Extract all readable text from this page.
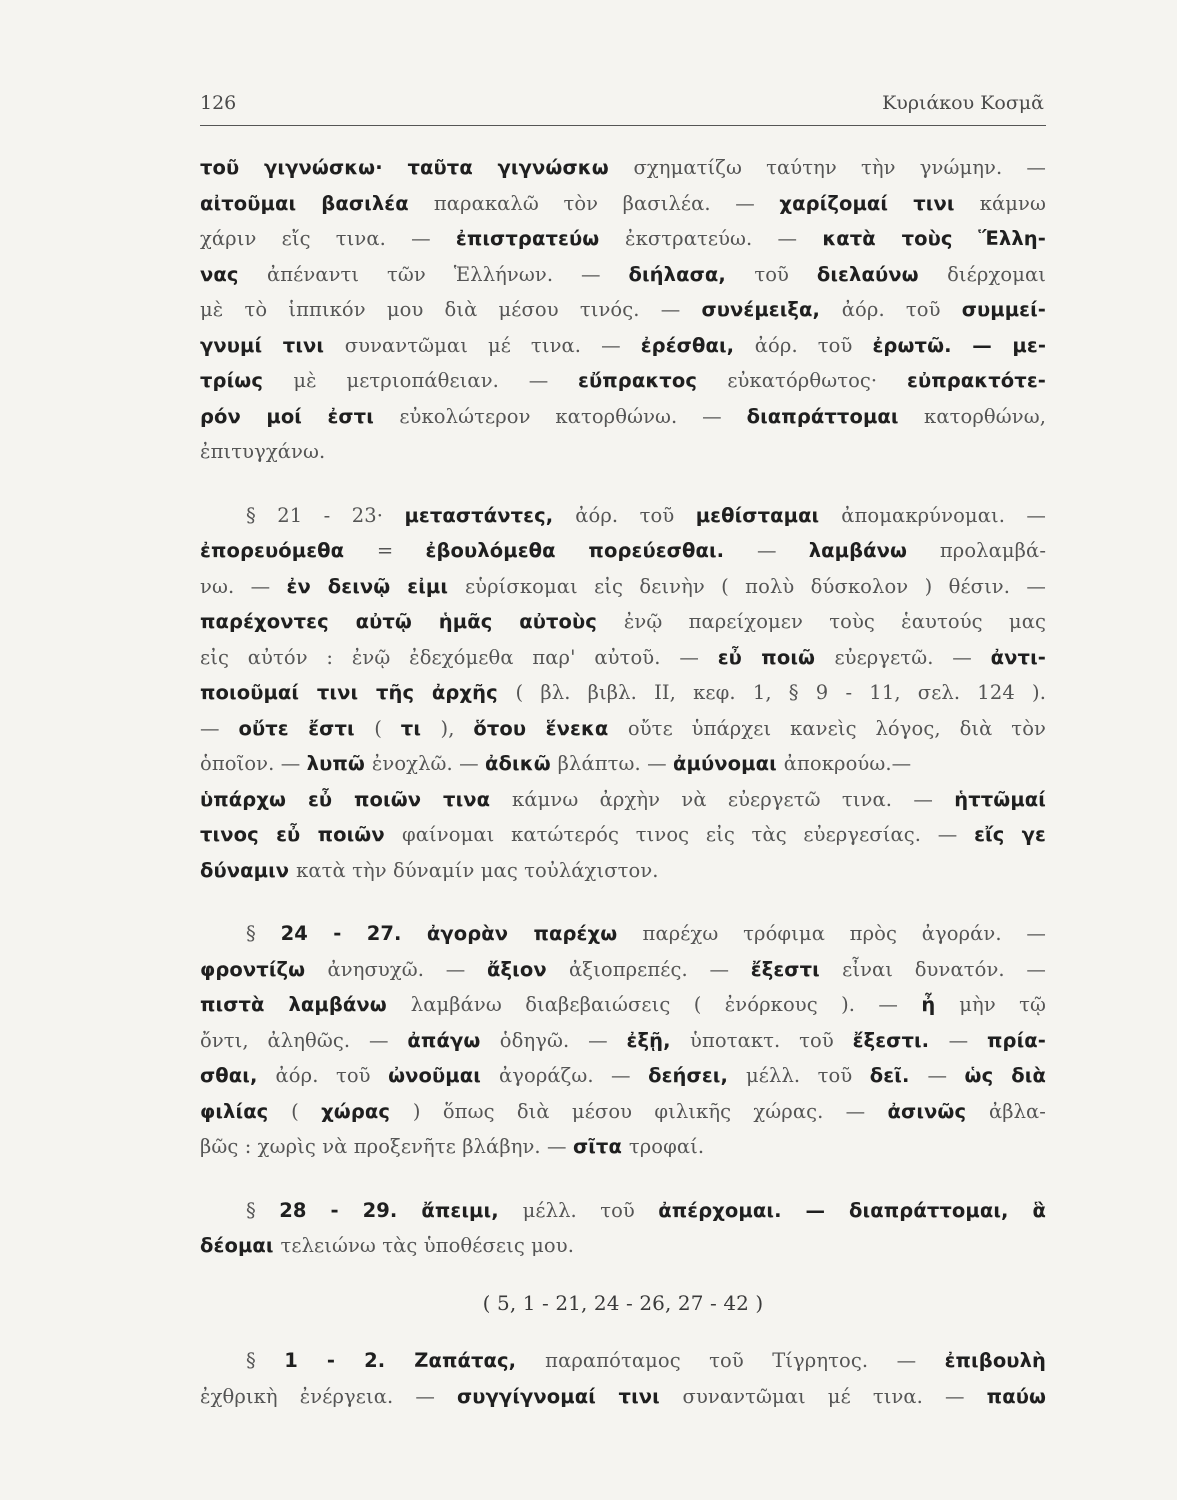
126	Κυριάκου Κοσμᾶ
τοῦ γιγνώσκω· ταῦτα γιγνώσκω σχηματίζω ταύτην τὴν γνώμην. —
αἰτοῦμαι βασιλέα παρακαλῶ τὸν βασιλέα. — χαρίζομαί τινι κάμνω
χάριν εἴς τινα. — ἐπιστρατεύω ἐκστρατεύω. — κατὰ τοὺς Ἕλλη-
νας ἀπέναντι τῶν Ἑλλήνων. — διήλασα, τοῦ διελαύνω διέρχομαι
μὲ τὸ ἱππικόν μου διὰ μέσου τινός. — συνέμειξα, ἀόρ. τοῦ συμμεί-
γνυμί τινι συναντῶμαι μέ τινα. — ἐρέσθαι, ἀόρ. τοῦ ἐρωτῶ. — με-
τρίως μὲ μετριοπάθειαν. — εὔπρακτος εὐκατόρθωτος· εὐπρακτότε-
ρόν μοί ἐστι εὐκολώτερον κατορθώνω. — διαπράττομαι κατορθώνω,
ἐπιτυγχάνω.
§ 21 - 23· μεταστάντες, ἀόρ. τοῦ μεθίσταμαι ἀπομακρύνομαι. —
ἐπορευόμεθα = ἐβουλόμεθα πορεύεσθαι. — λαμβάνω προλαμβά-
νω. — ἐν δεινῷ εἰμι εὑρίσκομαι εἰς δεινὴν ( πολὺ δύσκολον ) θέσιν. —
παρέχοντες αὐτῷ ἡμᾶς αὐτοὺς ἐνῷ παρείχομεν τοὺς ἑαυτούς μας
εἰς αὐτόν : ἐνῷ ἐδεχόμεθα παρ' αὐτοῦ. — εὖ ποιῶ εὐεργετῶ. — ἀντι-
ποιοῦμαί τινι τῆς ἀρχῆς ( βλ. βιβλ. II, κεφ. 1, § 9 - 11, σελ. 124 ).
— οὔτε ἔστι ( τι ), ὅτου ἕνεκα οὔτε ὑπάρχει κανεὶς λόγος, διὰ τὸν
ὁποῖον. — λυπῶ ἐνοχλῶ. — ἀδικῶ βλάπτω. — ἀμύνομαι ἀποκρούω.—
ὑπάρχω εὖ ποιῶν τινα κάμνω ἀρχὴν νὰ εὐεργετῶ τινα. — ἡττῶμαί
τινος εὖ ποιῶν φαίνομαι κατώτερός τινος εἰς τὰς εὐεργεσίας. — εἴς γε
δύναμιν κατὰ τὴν δύναμίν μας τοὐλάχιστον.
§ 24 - 27. ἀγορὰν παρέχω παρέχω τρόφιμα πρὸς ἀγοράν. —
φροντίζω ἀνησυχῶ. — ἄξιον ἀξιοπρεπές. — ἔξεστι εἶναι δυνατόν. —
πιστὰ λαμβάνω λαμβάνω διαβεβαιώσεις ( ἐνόρκους ). — ἦ μὴν τῷ
ὄντι, ἀληθῶς. — ἀπάγω ὁδηγῶ. — ἐξῇ, ὑποτακτ. τοῦ ἔξεστι. — πρία-
σθαι, ἀόρ. τοῦ ὠνοῦμαι ἀγοράζω. — δεήσει, μέλλ. τοῦ δεῖ. — ὡς διὰ
φιλίας ( χώρας ) ὅπως διὰ μέσου φιλικῆς χώρας. — ἀσινῶς ἀβλα-
βῶς : χωρὶς νὰ προξενῆτε βλάβην. — σῖτα τροφαί.
§ 28 - 29. ἄπειμι, μέλλ. τοῦ ἀπέρχομαι. — διαπράττομαι, ἃ
δέομαι τελειώνω τὰς ὑποθέσεις μου.
( 5, 1 - 21, 24 - 26, 27 - 42 )
§ 1 - 2. Ζαπάτας, παραπόταμος τοῦ Τίγρητος. — ἐπιβουλὴ
ἐχθρικὴ ἐνέργεια. — συγγίγνομαί τινι συναντῶμαι μέ τινα. — παύω
